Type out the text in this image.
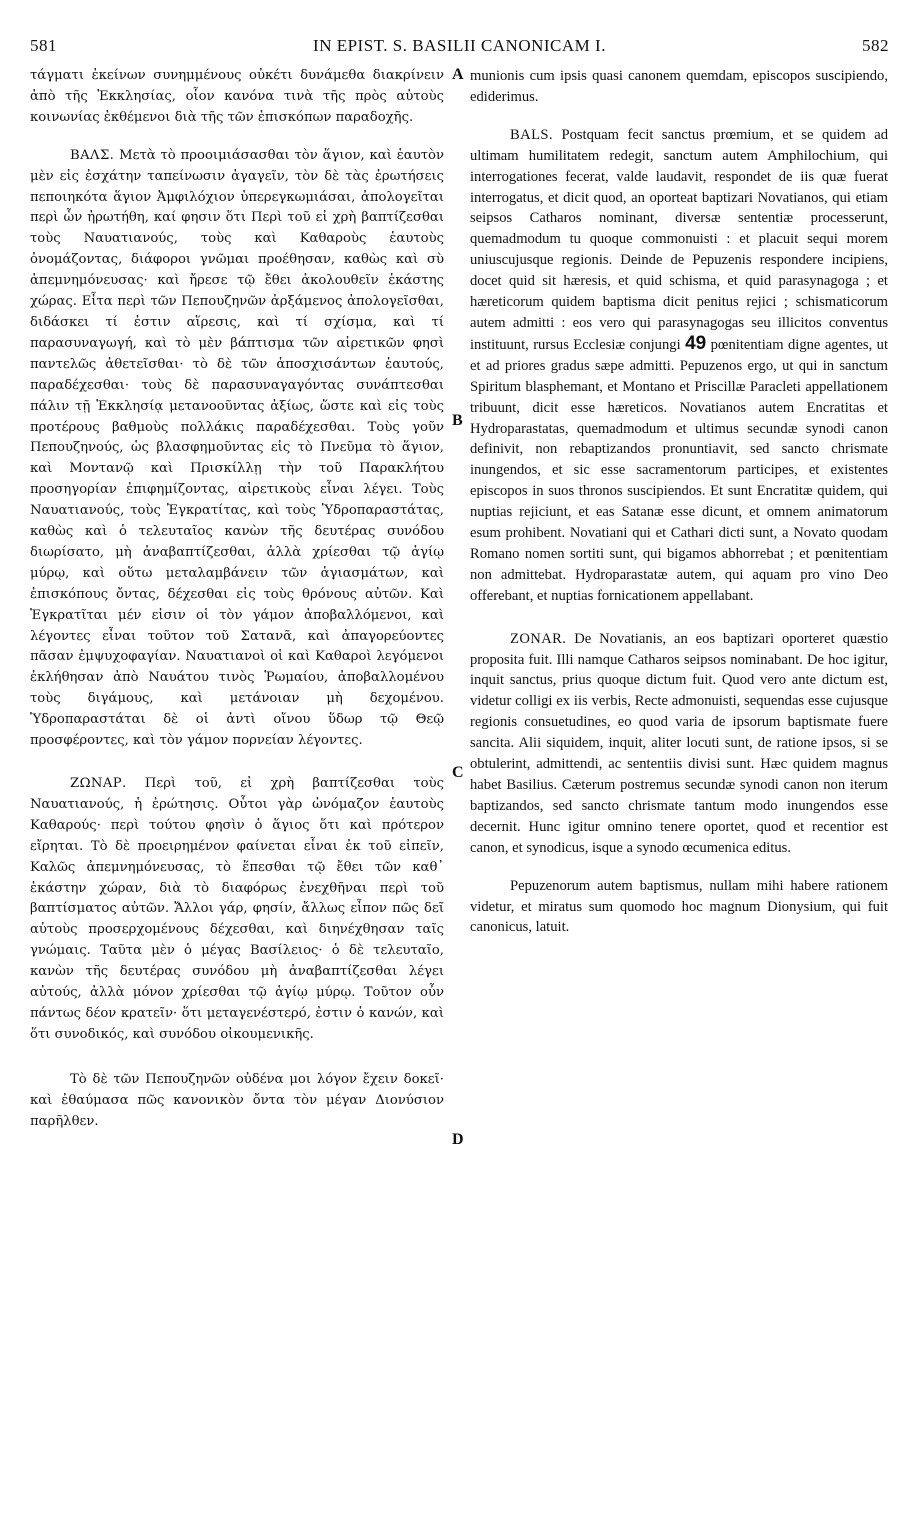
581	IN EPIST. S. BASILII CANONICAM I.	582
A
B
C
D

τάγματι ἐκείνων συνημμένους οὐκέτι δυνάμεθα διακρίνειν ἀπὸ τῆς Ἐκκλησίας, οἷον κανόνα τινὰ τῆς πρὸς αὐτοὺς κοινωνίας ἐκθέμενοι διὰ τῆς τῶν ἐπισκόπων παραδοχῆς.

ΒΑΛΣ. Μετὰ τὸ προοιμιάσασθαι τὸν ἅγιον, καὶ ἑαυτὸν μὲν εἰς ἐσχάτην ταπείνωσιν ἀγαγεῖν, τὸν δὲ τὰς ἐρωτήσεις πεποιηκότα ἅγιον Ἀμφιλόχιον ὑπερεγκωμιάσαι, ἀπολογεῖται περὶ ὧν ἠρωτήθη, καί φησιν ὅτι Περὶ τοῦ εἰ χρὴ βαπτίζεσθαι τοὺς Ναυατιανούς, τοὺς καὶ Καθαροὺς ἑαυτοὺς ὀνομάζοντας, διάφοροι γνῶμαι προέθησαν, καθὼς καὶ σὺ ἀπεμνημόνευσας· καὶ ἤρεσε τῷ ἔθει ἀκολουθεῖν ἑκάστης χώρας. Εἶτα περὶ τῶν Πεπουζηνῶν ἀρξάμενος ἀπολογεῖσθαι, διδάσκει τί ἐστιν αἵρεσις, καὶ τί σχίσμα, καὶ τί παρασυναγωγή, καὶ τὸ μὲν βάπτισμα τῶν αἱρετικῶν φησὶ παντελῶς ἀθετεῖσθαι· τὸ δὲ τῶν ἀποσχισάντων ἑαυτούς, παραδέχεσθαι· τοὺς δὲ παρασυναγαγόντας συνάπτεσθαι πάλιν τῇ Ἐκκλησίᾳ μετανοοῦντας ἀξίως, ὥστε καὶ εἰς τοὺς προτέρους βαθμοὺς πολλάκις παραδέχεσθαι. Τοὺς γοῦν Πεπουζηνούς, ὡς βλασφημοῦντας εἰς τὸ Πνεῦμα τὸ ἅγιον, καὶ Μοντανῷ καὶ Πρισκίλλῃ τὴν τοῦ Παρακλήτου προσηγορίαν ἐπιφημίζοντας, αἱρετικοὺς εἶναι λέγει. Τοὺς Ναυατιανούς, τοὺς Ἐγκρατίτας, καὶ τοὺς Ὑδροπαραστάτας, καθὼς καὶ ὁ τελευταῖος κανὼν τῆς δευτέρας συνόδου διωρίσατο, μὴ ἀναβαπτίζεσθαι, ἀλλὰ χρίεσθαι τῷ ἁγίῳ μύρῳ, καὶ οὕτω μεταλαμβάνειν τῶν ἁγιασμάτων, καὶ ἐπισκόπους ὄντας, δέχεσθαι εἰς τοὺς θρόνους αὐτῶν. Καὶ Ἐγκρατῖται μέν εἰσιν οἱ τὸν γάμον ἀποβαλλόμενοι, καὶ λέγοντες εἶναι τοῦτον τοῦ Σατανᾶ, καὶ ἀπαγορεύοντες πᾶσαν ἐμψυχοφαγίαν. Ναυατιανοὶ οἱ καὶ Καθαροὶ λεγόμενοι ἐκλήθησαν ἀπὸ Ναυάτου τινὸς Ῥωμαίου, ἀποβαλλομένου τοὺς διγάμους, καὶ μετάνοιαν μὴ δεχομένου. Ὑδροπαραστάται δὲ οἱ ἀντὶ οἴνου ὕδωρ τῷ Θεῷ προσφέροντες, καὶ τὸν γάμον πορνείαν λέγοντες.

ΖΩΝΑΡ. Περὶ τοῦ, εἰ χρὴ βαπτίζεσθαι τοὺς Ναυατιανούς, ἡ ἐρώτησις. Οὗτοι γὰρ ὠνόμαζον ἑαυτοὺς Καθαρούς· περὶ τούτου φησὶν ὁ ἅγιος ὅτι καὶ πρότερον εἴρηται. Τὸ δὲ προειρημένον φαίνεται εἶναι ἐκ τοῦ εἰπεῖν, Καλῶς ἀπεμνημόνευσας, τὸ ἕπεσθαι τῷ ἔθει τῶν καθ᾽ ἑκάστην χώραν, διὰ τὸ διαφόρως ἐνεχθῆναι περὶ τοῦ βαπτίσματος αὐτῶν. Ἄλλοι γάρ, φησίν, ἄλλως εἶπον πῶς δεῖ αὐτοὺς προσερχομένους δέχεσθαι, καὶ διηνέχθησαν ταῖς γνώμαις. Ταῦτα μὲν ὁ μέγας Βασίλειος· ὁ δὲ τελευταῖο, κανὼν τῆς δευτέρας συνόδου μὴ ἀναβαπτίζεσθαι λέγει αὐτούς, ἀλλὰ μόνον χρίεσθαι τῷ ἁγίῳ μύρῳ. Τοῦτον οὖν πάντως δέον κρατεῖν· ὅτι μεταγενέστερό, ἐστιν ὁ κανών, καὶ ὅτι συνοδικός, καὶ συνόδου οἰκουμενικῆς.

Τὸ δὲ τῶν Πεπουζηνῶν οὐδένα μοι λόγον ἔχειν δοκεῖ· καὶ ἐθαύμασα πῶς κανονικὸν ὄντα τὸν μέγαν Διονύσιον παρῆλθεν.

munionis cum ipsis quasi canonem quemdam, episcopos suscipiendo, ediderimus.

BALS. Postquam fecit sanctus prœmium, et se quidem ad ultimam humilitatem redegit, sanctum autem Amphilochium, qui interrogationes fecerat, valde laudavit, respondet de iis quæ fuerat interrogatus, et dicit quod, an oporteat baptizari Novatianos, qui etiam seipsos Catharos nominant, diversæ sententiæ processerunt, quemadmodum tu quoque commonuisti : et placuit sequi morem uniuscujusque regionis. Deinde de Pepuzenis respondere incipiens, docet quid sit hæresis, et quid schisma, et quid parasynagoga ; et hæreticorum quidem baptisma dicit penitus rejici ; schismaticorum autem admitti : eos vero qui parasynagogas seu illicitos conventus instituunt, rursus Ecclesiæ conjungi 49 pœnitentiam digne agentes, ut et ad priores gradus sæpe admitti. Pepuzenos ergo, ut qui in sanctum Spiritum blasphemant, et Montano et Priscillæ Paracleti appellationem tribuunt, dicit esse hæreticos. Novatianos autem Encratitas et Hydroparastatas, quemadmodum et ultimus secundæ synodi canon definivit, non rebaptizandos pronuntiavit, sed sancto chrismate inungendos, et sic esse sacramentorum participes, et existentes episcopos in suos thronos suscipiendos. Et sunt Encratitæ quidem, qui nuptias rejiciunt, et eas Satanæ esse dicunt, et omnem animatorum esum prohibent. Novatiani qui et Cathari dicti sunt, a Novato quodam Romano nomen sortiti sunt, qui bigamos abhorrebat ; et pœnitentiam non admittebat. Hydroparastatæ autem, qui aquam pro vino Deo offerebant, et nuptias fornicationem appellabant.

ZONAR. De Novatianis, an eos baptizari oporteret quæstio proposita fuit. Illi namque Catharos seipsos nominabant. De hoc igitur, inquit sanctus, prius quoque dictum fuit. Quod vero ante dictum est, videtur colligi ex iis verbis, Recte admonuisti, sequendas esse cujusque regionis consuetudines, eo quod varia de ipsorum baptismate fuere sancita. Alii siquidem, inquit, aliter locuti sunt, de ratione ipsos, si se obtulerint, admittendi, ac sententiis divisi sunt. Hæc quidem magnus habet Basilius. Cæterum postremus secundæ synodi canon non iterum baptizandos, sed sancto chrismate tantum modo inungendos esse decernit. Hunc igitur omnino tenere oportet, quod et recentior est canon, et synodicus, isque a synodo œcumenica editus.

Pepuzenorum autem baptismus, nullam mihi habere rationem videtur, et miratus sum quomodo hoc magnum Dionysium, qui fuit canonicus, latuit.
